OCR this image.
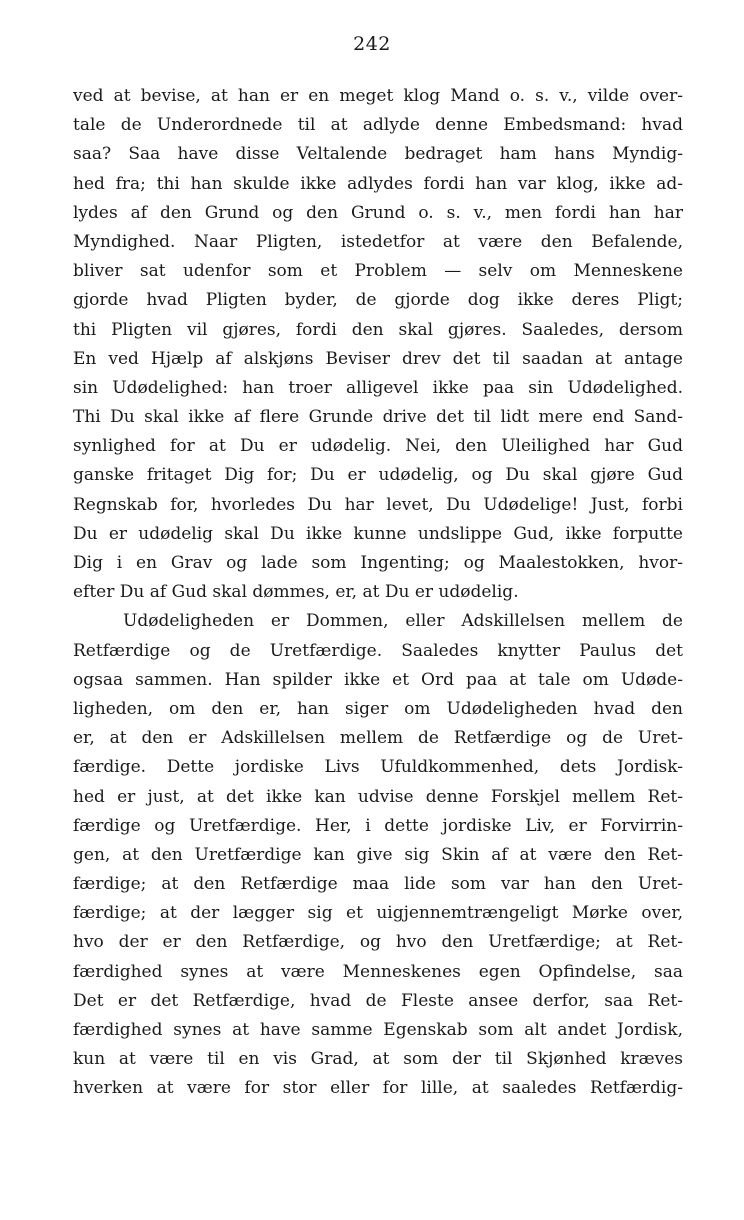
242
ved at bevise, at han er en meget klog Mand o. s. v., vilde over-
tale de Underordnede til at adlyde denne Embedsmand: hvad
saa? Saa have disse Veltalende bedraget ham hans Myndig-
hed fra; thi han skulde ikke adlydes fordi han var klog, ikke ad-
lydes af den Grund og den Grund o. s. v., men fordi han har
Myndighed. Naar Pligten, istedetfor at være den Befalende,
bliver sat udenfor som et Problem — selv om Menneskene
gjorde hvad Pligten byder, de gjorde dog ikke deres Pligt;
thi Pligten vil gjøres, fordi den skal gjøres. Saaledes, dersom
En ved Hjælp af alskjøns Beviser drev det til saadan at antage
sin Udødelighed: han troer alligevel ikke paa sin Udødelighed.
Thi Du skal ikke af flere Grunde drive det til lidt mere end Sand-
synlighed for at Du er udødelig. Nei, den Uleilighed har Gud
ganske fritaget Dig for; Du er udødelig, og Du skal gjøre Gud
Regnskab for, hvorledes Du har levet, Du Udødelige! Just, forbi
Du er udødelig skal Du ikke kunne undslippe Gud, ikke forputte
Dig i en Grav og lade som Ingenting; og Maalestokken, hvor-
efter Du af Gud skal dømmes, er, at Du er udødelig.
Udødeligheden er Dommen, eller Adskillelsen mellem de
Retfærdige og de Uretfærdige. Saaledes knytter Paulus det
ogsaa sammen. Han spilder ikke et Ord paa at tale om Udøde-
ligheden, om den er, han siger om Udødeligheden hvad den
er, at den er Adskillelsen mellem de Retfærdige og de Uret-
færdige. Dette jordiske Livs Ufuldkommenhed, dets Jordisk-
hed er just, at det ikke kan udvise denne Forskjel mellem Ret-
færdige og Uretfærdige. Her, i dette jordiske Liv, er Forvirrin-
gen, at den Uretfærdige kan give sig Skin af at være den Ret-
færdige; at den Retfærdige maa lide som var han den Uret-
færdige; at der lægger sig et uigjennemtrængeligt Mørke over,
hvo der er den Retfærdige, og hvo den Uretfærdige; at Ret-
færdighed synes at være Menneskenes egen Opfindelse, saa
Det er det Retfærdige, hvad de Fleste ansee derfor, saa Ret-
færdighed synes at have samme Egenskab som alt andet Jordisk,
kun at være til en vis Grad, at som der til Skjønhed kræves
hverken at være for stor eller for lille, at saaledes Retfærdig-
